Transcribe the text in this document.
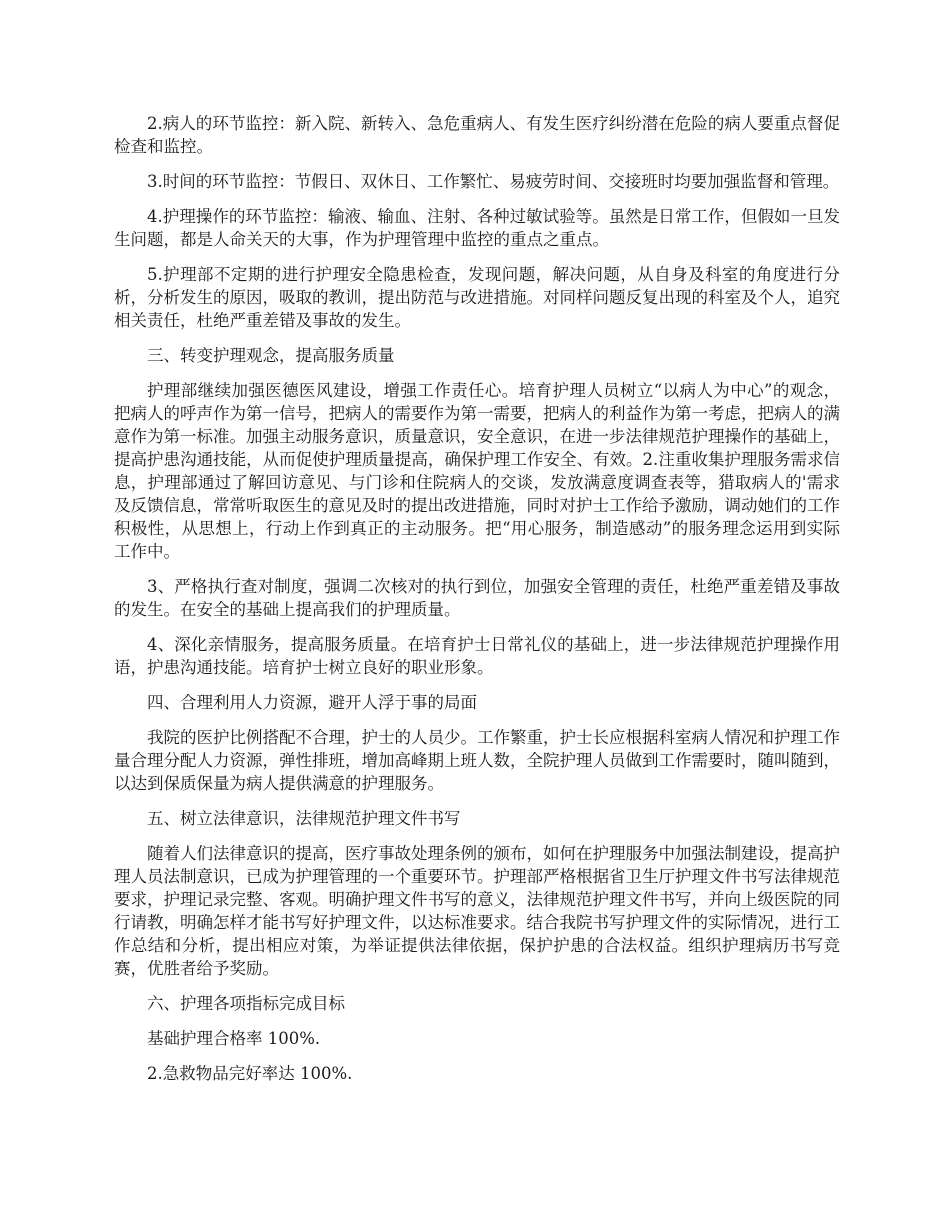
2.病人的环节监控：新入院、新转入、急危重病人、有发生医疗纠纷潜在危险的病人要重点督促检查和监控。

3.时间的环节监控：节假日、双休日、工作繁忙、易疲劳时间、交接班时均要加强监督和管理。

4.护理操作的环节监控：输液、输血、注射、各种过敏试验等。虽然是日常工作，但假如一旦发生问题，都是人命关天的大事，作为护理管理中监控的重点之重点。

5.护理部不定期的进行护理安全隐患检查，发现问题，解决问题，从自身及科室的角度进行分析，分析发生的原因，吸取的教训，提出防范与改进措施。对同样问题反复出现的科室及个人，追究相关责任，杜绝严重差错及事故的发生。

三、转变护理观念，提高服务质量

护理部继续加强医德医风建设，增强工作责任心。培育护理人员树立“以病人为中心”的观念，把病人的呼声作为第一信号，把病人的需要作为第一需要，把病人的利益作为第一考虑，把病人的满意作为第一标准。加强主动服务意识，质量意识，安全意识，在进一步法律规范护理操作的基础上，提高护患沟通技能，从而促使护理质量提高，确保护理工作安全、有效。2.注重收集护理服务需求信息，护理部通过了解回访意见、与门诊和住院病人的交谈，发放满意度调查表等，猎取病人的'需求及反馈信息，常常听取医生的意见及时的提出改进措施，同时对护士工作给予激励，调动她们的工作积极性，从思想上，行动上作到真正的主动服务。把“用心服务，制造感动”的服务理念运用到实际工作中。

3、严格执行查对制度，强调二次核对的执行到位，加强安全管理的责任，杜绝严重差错及事故的发生。在安全的基础上提高我们的护理质量。

4、深化亲情服务，提高服务质量。在培育护士日常礼仪的基础上，进一步法律规范护理操作用语，护患沟通技能。培育护士树立良好的职业形象。

四、合理利用人力资源，避开人浮于事的局面

我院的医护比例搭配不合理，护士的人员少。工作繁重，护士长应根据科室病人情况和护理工作量合理分配人力资源，弹性排班，增加高峰期上班人数，全院护理人员做到工作需要时，随叫随到，以达到保质保量为病人提供满意的护理服务。

五、树立法律意识，法律规范护理文件书写

随着人们法律意识的提高，医疗事故处理条例的颁布，如何在护理服务中加强法制建设，提高护理人员法制意识，已成为护理管理的一个重要环节。护理部严格根据省卫生厅护理文件书写法律规范要求，护理记录完整、客观。明确护理文件书写的意义，法律规范护理文件书写，并向上级医院的同行请教，明确怎样才能书写好护理文件，以达标准要求。结合我院书写护理文件的实际情况，进行工作总结和分析，提出相应对策，为举证提供法律依据，保护护患的合法权益。组织护理病历书写竞赛，优胜者给予奖励。

六、护理各项指标完成目标

基础护理合格率 100%.

2.急救物品完好率达 100%.
